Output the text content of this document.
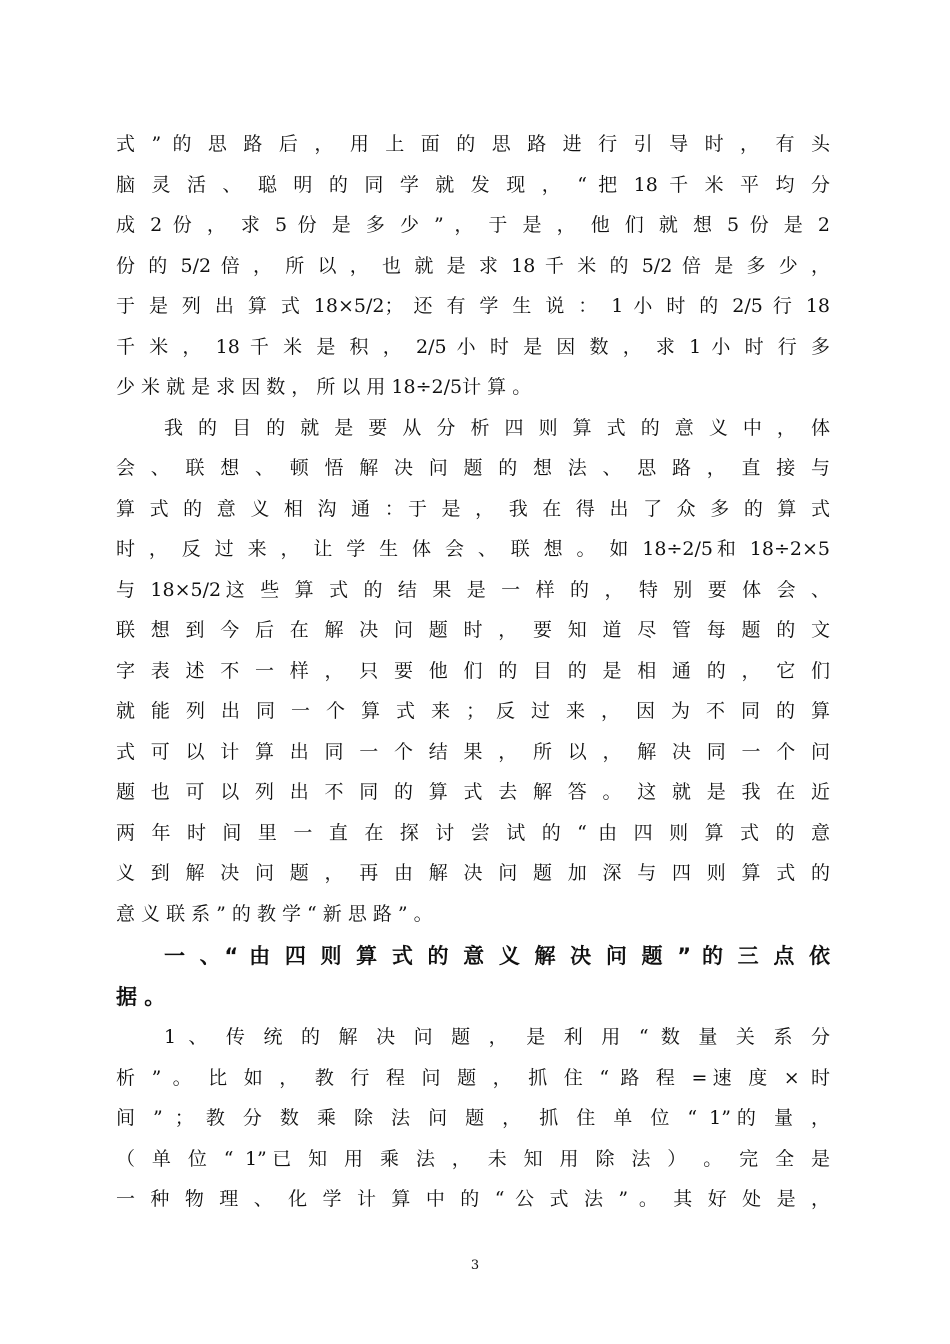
式 ” 的 思 路 后 ， 用 上 面 的 思 路 进 行 引 导 时 ， 有 头
脑 灵 活 、 聪 明 的 同 学 就 发 现 ， “ 把 18 千 米 平 均 分
成 2 份 ， 求 5 份 是 多 少 ” ， 于 是 ， 他 们 就 想 5 份 是 2
份 的 5/2 倍 ， 所 以 ， 也 就 是 求 18 千 米 的 5/2 倍 是 多 少 ，
于 是 列 出 算 式 18×5/2； 还 有 学 生 说 ： 1 小 时 的 2/5 行 18
千 米 ， 18 千 米 是 积 ， 2/5 小 时 是 因 数 ， 求 1 小 时 行 多
少 米 就 是 求 因 数 ， 所 以 用 18÷2/5计 算 。
我 的 目 的 就 是 要 从 分 析 四 则 算 式 的 意 义 中 ， 体
会 、 联 想 、 顿 悟 解 决 问 题 的 想 法 、 思 路 ， 直 接 与
算 式 的 意 义 相 沟 通 ：于 是 ， 我 在 得 出 了 众 多 的 算 式
时 ， 反 过 来 ， 让 学 生 体 会 、 联 想 。 如 18÷2/5和 18÷2×5
与 18×5/2这 些 算 式 的 结 果 是 一 样 的 ， 特 别 要 体 会 、
联 想 到 今 后 在 解 决 问 题 时 ， 要 知 道 尽 管 每 题 的 文
字 表 述 不 一 样 ， 只 要 他 们 的 目 的 是 相 通 的 ， 它 们
就 能 列 出 同 一 个 算 式 来 ； 反 过 来 ， 因 为 不 同 的 算
式 可 以 计 算 出 同 一 个 结 果 ， 所 以 ， 解 决 同 一 个 问
题 也 可 以 列 出 不 同 的 算 式 去 解 答 。 这 就 是 我 在 近
两 年 时 间 里 一 直 在 探 讨 尝 试 的 “ 由 四 则 算 式 的 意
义 到 解 决 问 题 ， 再 由 解 决 问 题 加 深 与 四 则 算 式 的
意 义 联 系 ” 的 教 学 “ 新 思 路 ” 。
一 、“ 由 四 则 算 式 的 意 义 解 决 问 题 ” 的 三 点 依
据 。
1 、 传 统 的 解 决 问 题 ， 是 利 用 “ 数 量 关 系 分
析 ” 。 比 如 ， 教 行 程 问 题 ， 抓 住 “ 路 程 =速 度 × 时
间 ” ； 教 分 数 乘 除 法 问 题 ， 抓 住 单 位 “ 1”的 量 ，
（ 单 位 “ 1”已 知 用 乘 法 ， 未 知 用 除 法 ） 。 完 全 是
一 种 物 理 、 化 学 计 算 中 的 “ 公 式 法 ” 。 其 好 处 是 ，
3
